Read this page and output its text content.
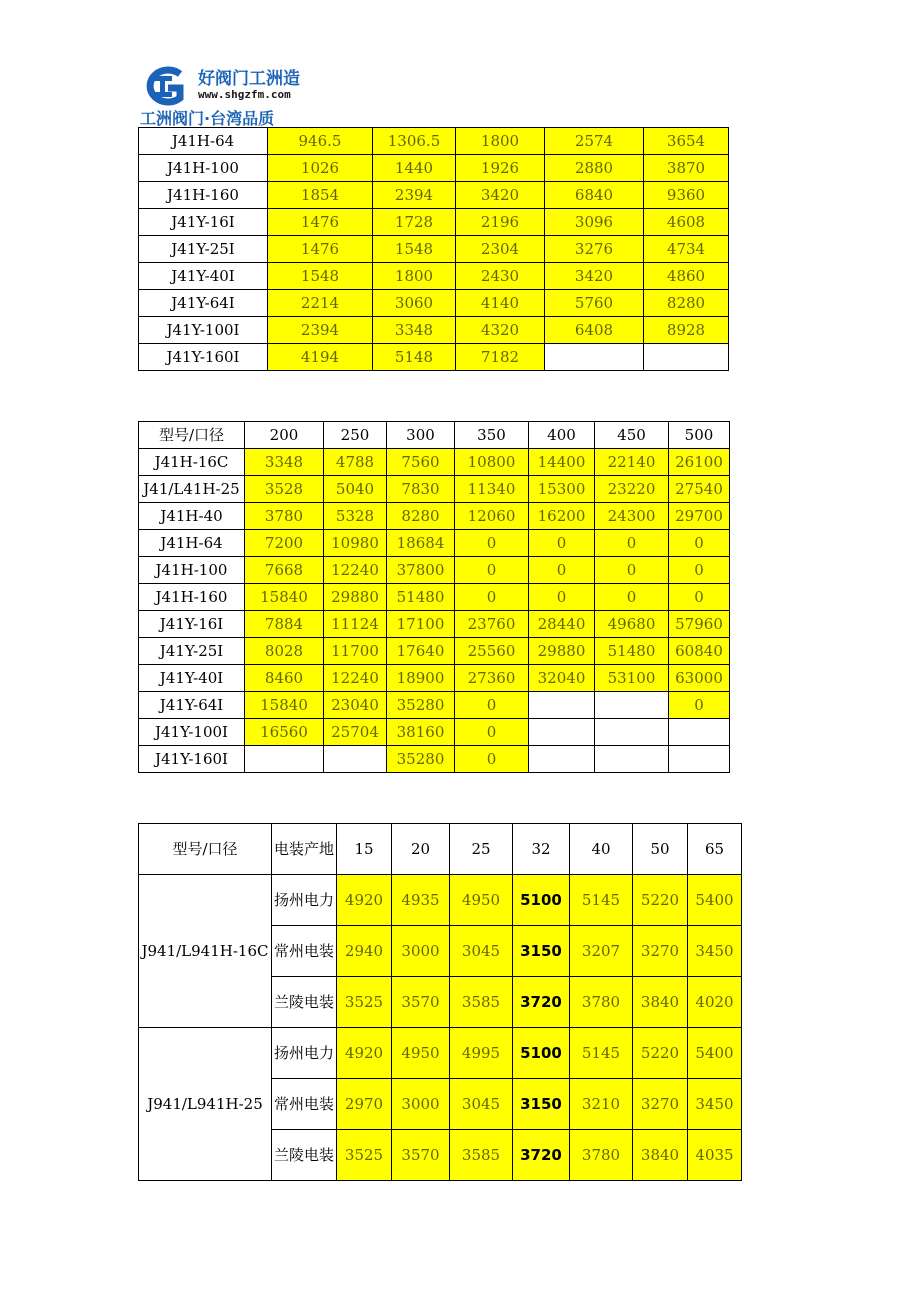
好阀门工洲造
www.shgzfm.com
工洲阀门·台湾品质
J41H-64	946.5	1306.5	1800	2574	3654
J41H-100	1026	1440	1926	2880	3870
J41H-160	1854	2394	3420	6840	9360
J41Y-16I	1476	1728	2196	3096	4608
J41Y-25I	1476	1548	2304	3276	4734
J41Y-40I	1548	1800	2430	3420	4860
J41Y-64I	2214	3060	4140	5760	8280
J41Y-100I	2394	3348	4320	6408	8928
J41Y-160I	4194	5148	7182		
型号/口径	200	250	300	350	400	450	500
J41H-16C	3348	4788	7560	10800	14400	22140	26100
J41/L41H-25	3528	5040	7830	11340	15300	23220	27540
J41H-40	3780	5328	8280	12060	16200	24300	29700
J41H-64	7200	10980	18684	0	0	0	0
J41H-100	7668	12240	37800	0	0	0	0
J41H-160	15840	29880	51480	0	0	0	0
J41Y-16I	7884	11124	17100	23760	28440	49680	57960
J41Y-25I	8028	11700	17640	25560	29880	51480	60840
J41Y-40I	8460	12240	18900	27360	32040	53100	63000
J41Y-64I	15840	23040	35280	0			0
J41Y-100I	16560	25704	38160	0			
J41Y-160I			35280	0			
型号/口径	电装产地	15	20	25	32	40	50	65
J941/L941H-16C	扬州电力	4920	4935	4950	5100	5145	5220	5400
	常州电装	2940	3000	3045	3150	3207	3270	3450
	兰陵电装	3525	3570	3585	3720	3780	3840	4020
J941/L941H-25	扬州电力	4920	4950	4995	5100	5145	5220	5400
	常州电装	2970	3000	3045	3150	3210	3270	3450
	兰陵电装	3525	3570	3585	3720	3780	3840	4035
